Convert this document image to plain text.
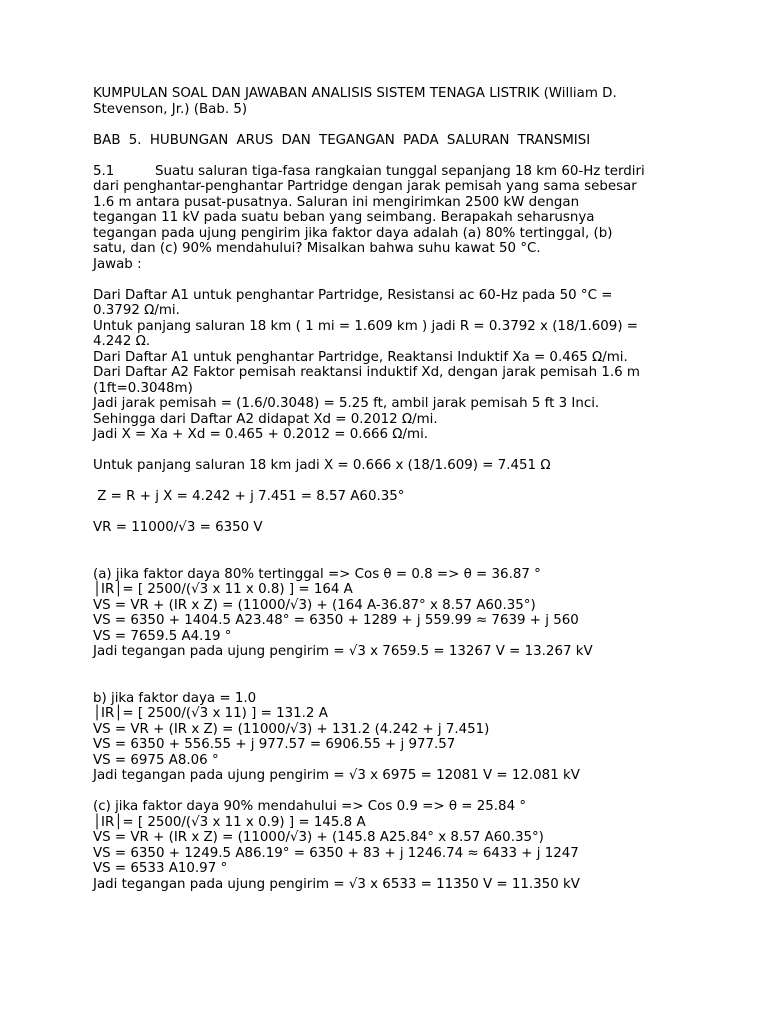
KUMPULAN SOAL DAN JAWABAN ANALISIS SISTEM TENAGA LISTRIK (William D.
Stevenson, Jr.) (Bab. 5)
BAB 5. HUBUNGAN ARUS DAN TEGANGAN PADA SALURAN TRANSMISI
5.1	Suatu saluran tiga-fasa rangkaian tunggal sepanjang 18 km 60-Hz terdiri
dari penghantar-penghantar Partridge dengan jarak pemisah yang sama sebesar
1.6 m antara pusat-pusatnya. Saluran ini mengirimkan 2500 kW dengan
tegangan 11 kV pada suatu beban yang seimbang. Berapakah seharusnya
tegangan pada ujung pengirim jika faktor daya adalah (a) 80% tertinggal, (b)
satu, dan (c) 90% mendahului? Misalkan bahwa suhu kawat 50 °C.
Jawab :
Dari Daftar A1 untuk penghantar Partridge, Resistansi ac 60-Hz pada 50 °C =
0.3792 Ω/mi.
Untuk panjang saluran 18 km ( 1 mi = 1.609 km ) jadi R = 0.3792 x (18/1.609) =
4.242 Ω.
Dari Daftar A1 untuk penghantar Partridge, Reaktansi Induktif Xa = 0.465 Ω/mi.
Dari Daftar A2 Faktor pemisah reaktansi induktif Xd, dengan jarak pemisah 1.6 m
(1ft=0.3048m)
Jadi jarak pemisah = (1.6/0.3048) = 5.25 ft, ambil jarak pemisah 5 ft 3 Inci.
Sehingga dari Daftar A2 didapat Xd = 0.2012 Ω/mi.
Jadi X = Xa + Xd = 0.465 + 0.2012 = 0.666 Ω/mi.
Untuk panjang saluran 18 km jadi X = 0.666 x (18/1.609) = 7.451 Ω
Z = R + j X = 4.242 + j 7.451 = 8.57 A60.35°
VR = 11000/√3 = 6350 V
(a) jika faktor daya 80% tertinggal => Cos θ = 0.8 => θ = 36.87 °
│IR│= [ 2500/(√3 x 11 x 0.8) ] = 164 A
VS = VR + (IR x Z) = (11000/√3) + (164 A-36.87° x 8.57 A60.35°)
VS = 6350 + 1404.5 A23.48° = 6350 + 1289 + j 559.99 ≈ 7639 + j 560
VS = 7659.5 A4.19 °
Jadi tegangan pada ujung pengirim = √3 x 7659.5 = 13267 V = 13.267 kV
b) jika faktor daya = 1.0
│IR│= [ 2500/(√3 x 11) ] = 131.2 A
VS = VR + (IR x Z) = (11000/√3) + 131.2 (4.242 + j 7.451)
VS = 6350 + 556.55 + j 977.57 = 6906.55 + j 977.57
VS = 6975 A8.06 °
Jadi tegangan pada ujung pengirim = √3 x 6975 = 12081 V = 12.081 kV
(c) jika faktor daya 90% mendahului => Cos 0.9 => θ = 25.84 °
│IR│= [ 2500/(√3 x 11 x 0.9) ] = 145.8 A
VS = VR + (IR x Z) = (11000/√3) + (145.8 A25.84° x 8.57 A60.35°)
VS = 6350 + 1249.5 A86.19° = 6350 + 83 + j 1246.74 ≈ 6433 + j 1247
VS = 6533 A10.97 °
Jadi tegangan pada ujung pengirim = √3 x 6533 = 11350 V = 11.350 kV
